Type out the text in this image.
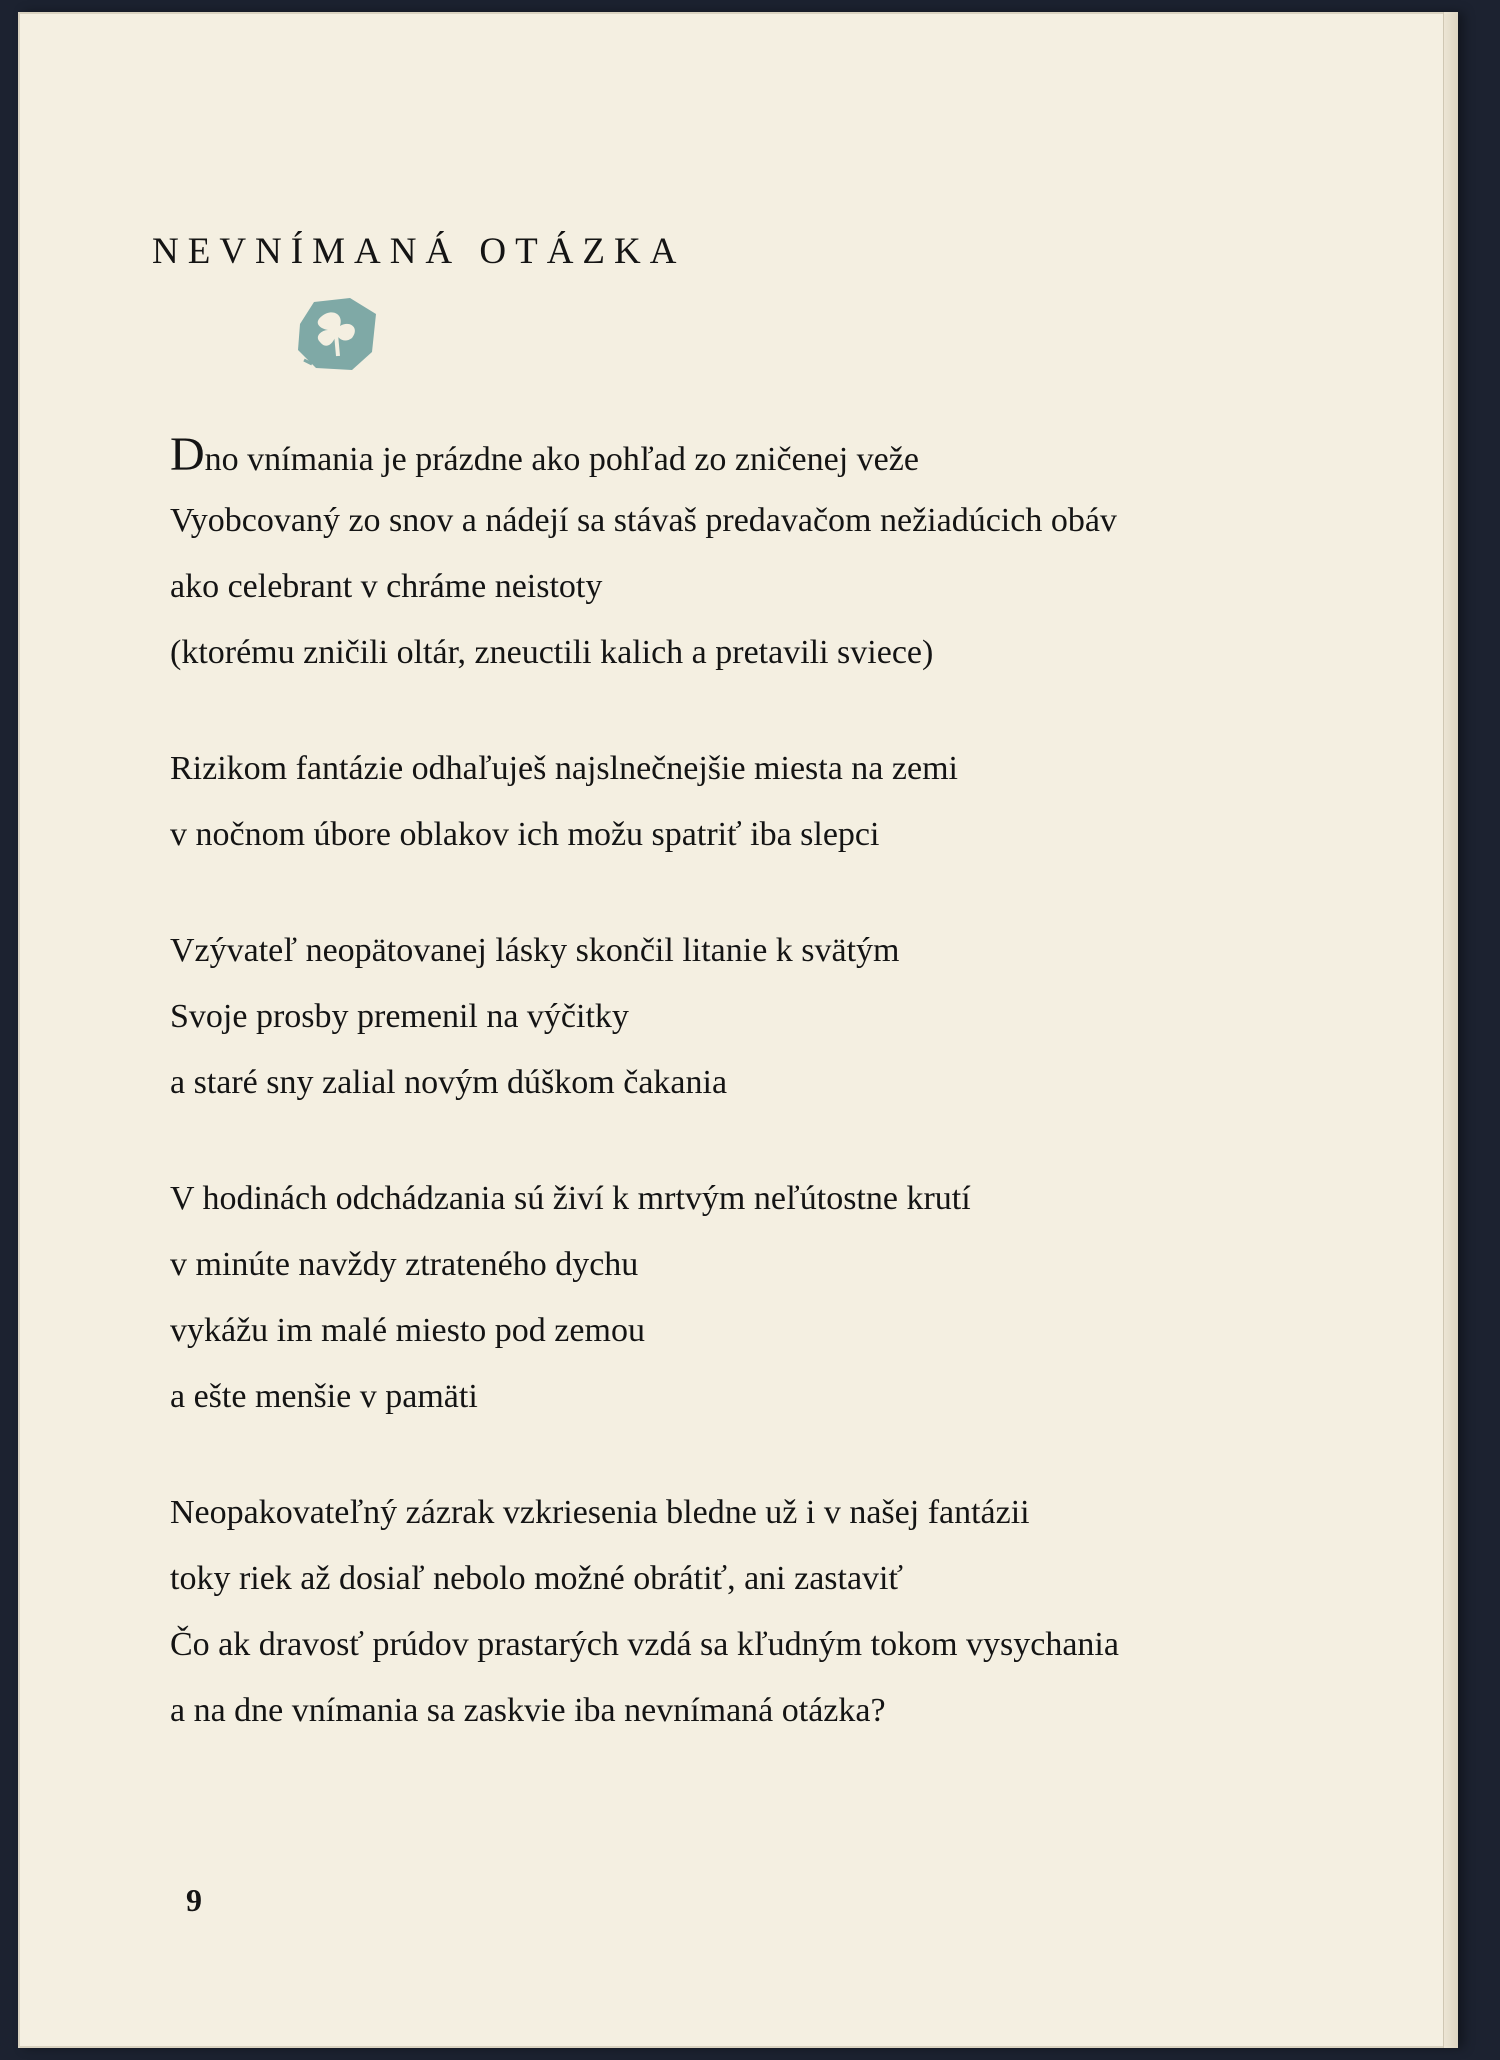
NEVNÍMANÁ OTÁZKA
Dno vnímania je prázdne ako pohľad zo zničenej veže
Vyobcovaný zo snov a nádejí sa stávaš predavačom nežiadúcich obáv
ako celebrant v chráme neistoty
(ktorému zničili oltár, zneuctili kalich a pretavili sviece)
Rizikom fantázie odhaľuješ najslnečnejšie miesta na zemi
v nočnom úbore oblakov ich možu spatriť iba slepci
Vzývateľ neopätovanej lásky skončil litanie k svätým
Svoje prosby premenil na výčitky
a staré sny zalial novým dúškom čakania
V hodinách odchádzania sú živí k mrtvým neľútostne krutí
v minúte navždy ztrateného dychu
vykážu im malé miesto pod zemou
a ešte menšie v pamäti
Neopakovateľný zázrak vzkriesenia bledne už i v našej fantázii
toky riek až dosiaľ nebolo možné obrátiť, ani zastaviť
Čo ak dravosť prúdov prastarých vzdá sa kľudným tokom vysychania
a na dne vnímania sa zaskvie iba nevnímaná otázka?
9
